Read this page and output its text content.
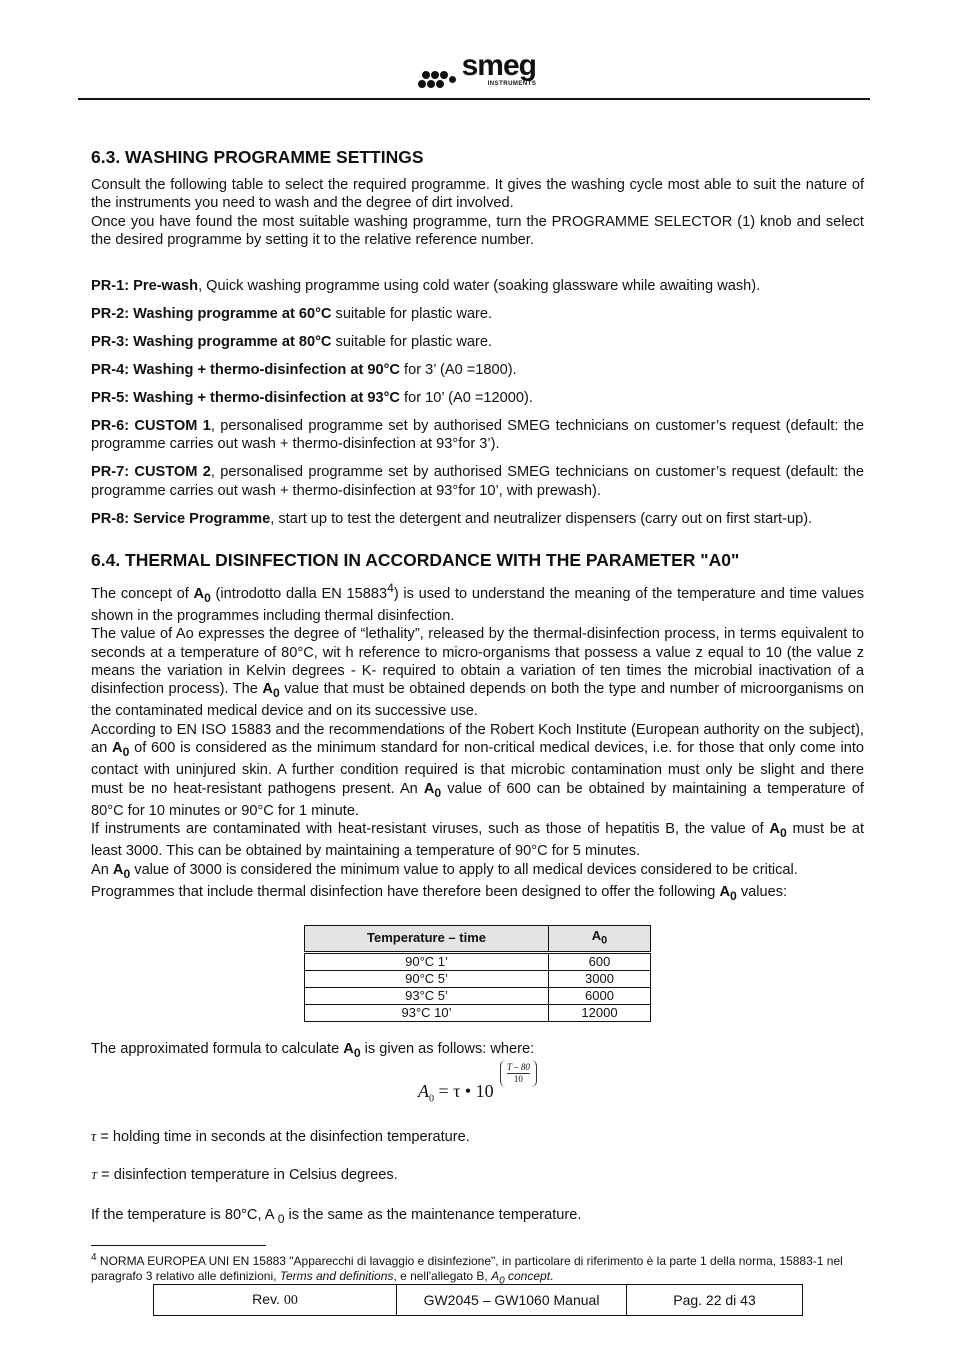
smeg
INSTRUMENTS
6.3. WASHING PROGRAMME SETTINGS

Consult the following table to select the required programme. It gives the washing cycle most able to suit the nature of the instruments you need to wash and the degree of dirt involved.

Once you have found the most suitable washing programme, turn the PROGRAMME SELECTOR (1) knob and select the desired programme by setting it to the relative reference number.

PR-1: Pre-wash, Quick washing programme using cold water (soaking glassware while awaiting wash).

PR-2: Washing programme at 60°C suitable for plastic ware.

PR-3: Washing programme at 80°C suitable for plastic ware.

PR-4: Washing + thermo-disinfection at 90°C for 3’ (A0 =1800).

PR-5: Washing + thermo-disinfection at 93°C for 10’ (A0 =12000).

PR-6: CUSTOM 1, personalised programme set by authorised SMEG technicians on customer’s request (default: the programme carries out wash + thermo-disinfection at 93°for 3’).

PR-7: CUSTOM 2, personalised programme set by authorised SMEG technicians on customer’s request (default: the programme carries out wash + thermo-disinfection at 93°for 10’, with prewash).

PR-8: Service Programme, start up to test the detergent and neutralizer dispensers (carry out on first start-up).

6.4. THERMAL DISINFECTION IN ACCORDANCE WITH THE PARAMETER "A0"

The concept of $A_0$ (introdotto dalla EN 15883$^4$) is used to understand the meaning of the temperature and time values shown in the programmes including thermal disinfection.

The value of Ao expresses the degree of “lethality”, released by the thermal-disinfection process, in terms equivalent to seconds at a temperature of 80°C, wit h reference to micro-organisms that possess a value z equal to 10 (the value z means the variation in Kelvin degrees - K- required to obtain a variation of ten times the microbial inactivation of a disinfection process). The $A_0$ value that must be obtained depends on both the type and number of microorganisms on the contaminated medical device and on its successive use.

According to EN ISO 15883 and the recommendations of the Robert Koch Institute (European authority on the subject), an $A_0$ of 600 is considered as the minimum standard for non-critical medical devices, i.e. for those that only come into contact with uninjured skin. A further condition required is that microbic contamination must only be slight and there must be no heat-resistant pathogens present. An $A_0$ value of 600 can be obtained by maintaining a temperature of 80°C for 10 minutes or 90°C for 1 minute.

If instruments are contaminated with heat-resistant viruses, such as those of hepatitis B, the value of $A_0$ must be at least 3000. This can be obtained by maintaining a temperature of 90°C for 5 minutes.

An $A_0$ value of 3000 is considered the minimum value to apply to all medical devices considered to be critical.

Programmes that include thermal disinfection have therefore been designed to offer the following $A_0$ values:

Temperature – time	$A_0$
90°C 1’	600
90°C 5’	3000
93°C 5’	6000
93°C 10’	12000

The approximated formula to calculate $A_0$ is given as follows: where:

$A_0 = \tau$ • 10
T – 80
10

τ = holding time in seconds at the disinfection temperature.

T = disinfection temperature in Celsius degrees.

If the temperature is 80°C, A $_0$ is the same as the maintenance temperature.

$^4$ NORMA EUROPEA UNI EN 15883 "Apparecchi di lavaggio e disinfezione", in particolare di riferimento è la parte 1 della norma, 15883-1 nel paragrafo 3 relativo alle definizioni, Terms and definitions, e nell'allegato B, $A_0$ concept.
Rev. 00	GW2045 – GW1060 Manual	Pag. 22 di 43
